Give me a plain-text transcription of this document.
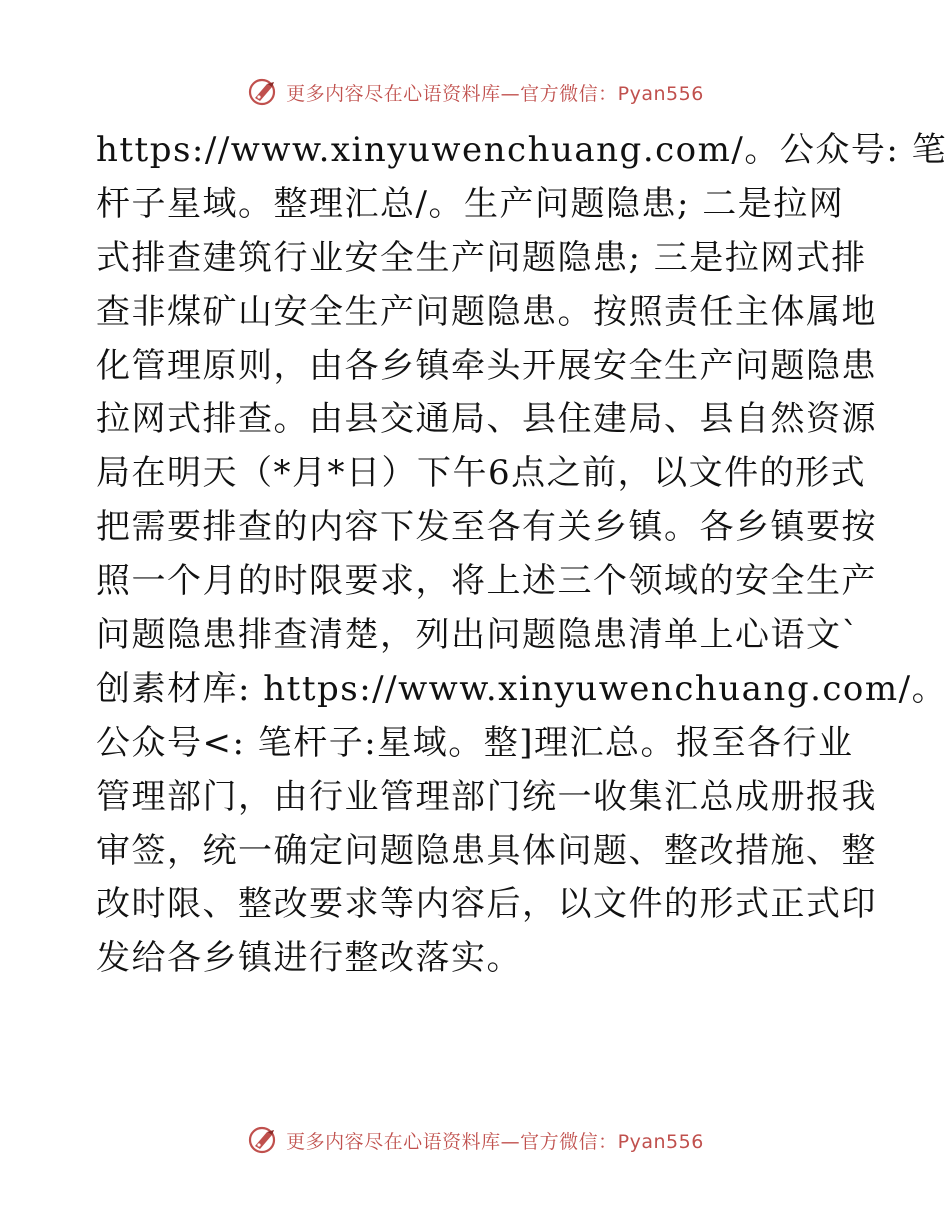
更多内容尽在心语资料库—官方微信：Pyan556
https://www.xinyuwenchuang.com/。公众号: 笔
杆子星域。整理汇总/。生产问题隐患; 二是拉网
式排查建筑行业安全生产问题隐患; 三是拉网式排
查非煤矿山安全生产问题隐患。按照责任主体属地
化管理原则，由各乡镇牵头开展安全生产问题隐患
拉网式排查。由县交通局、县住建局、县自然资源
局在明天（*月*日）下午6点之前，以文件的形式
把需要排查的内容下发至各有关乡镇。各乡镇要按
照一个月的时限要求，将上述三个领域的安全生产
问题隐患排查清楚，列出问题隐患清单上心语文`
创素材库: https://www.xinyuwenchuang.com/。
公众号<: 笔杆子:星域。整]理汇总。报至各行业
管理部门，由行业管理部门统一收集汇总成册报我
审签，统一确定问题隐患具体问题、整改措施、整
改时限、整改要求等内容后，以文件的形式正式印
发给各乡镇进行整改落实。
更多内容尽在心语资料库—官方微信：Pyan556
